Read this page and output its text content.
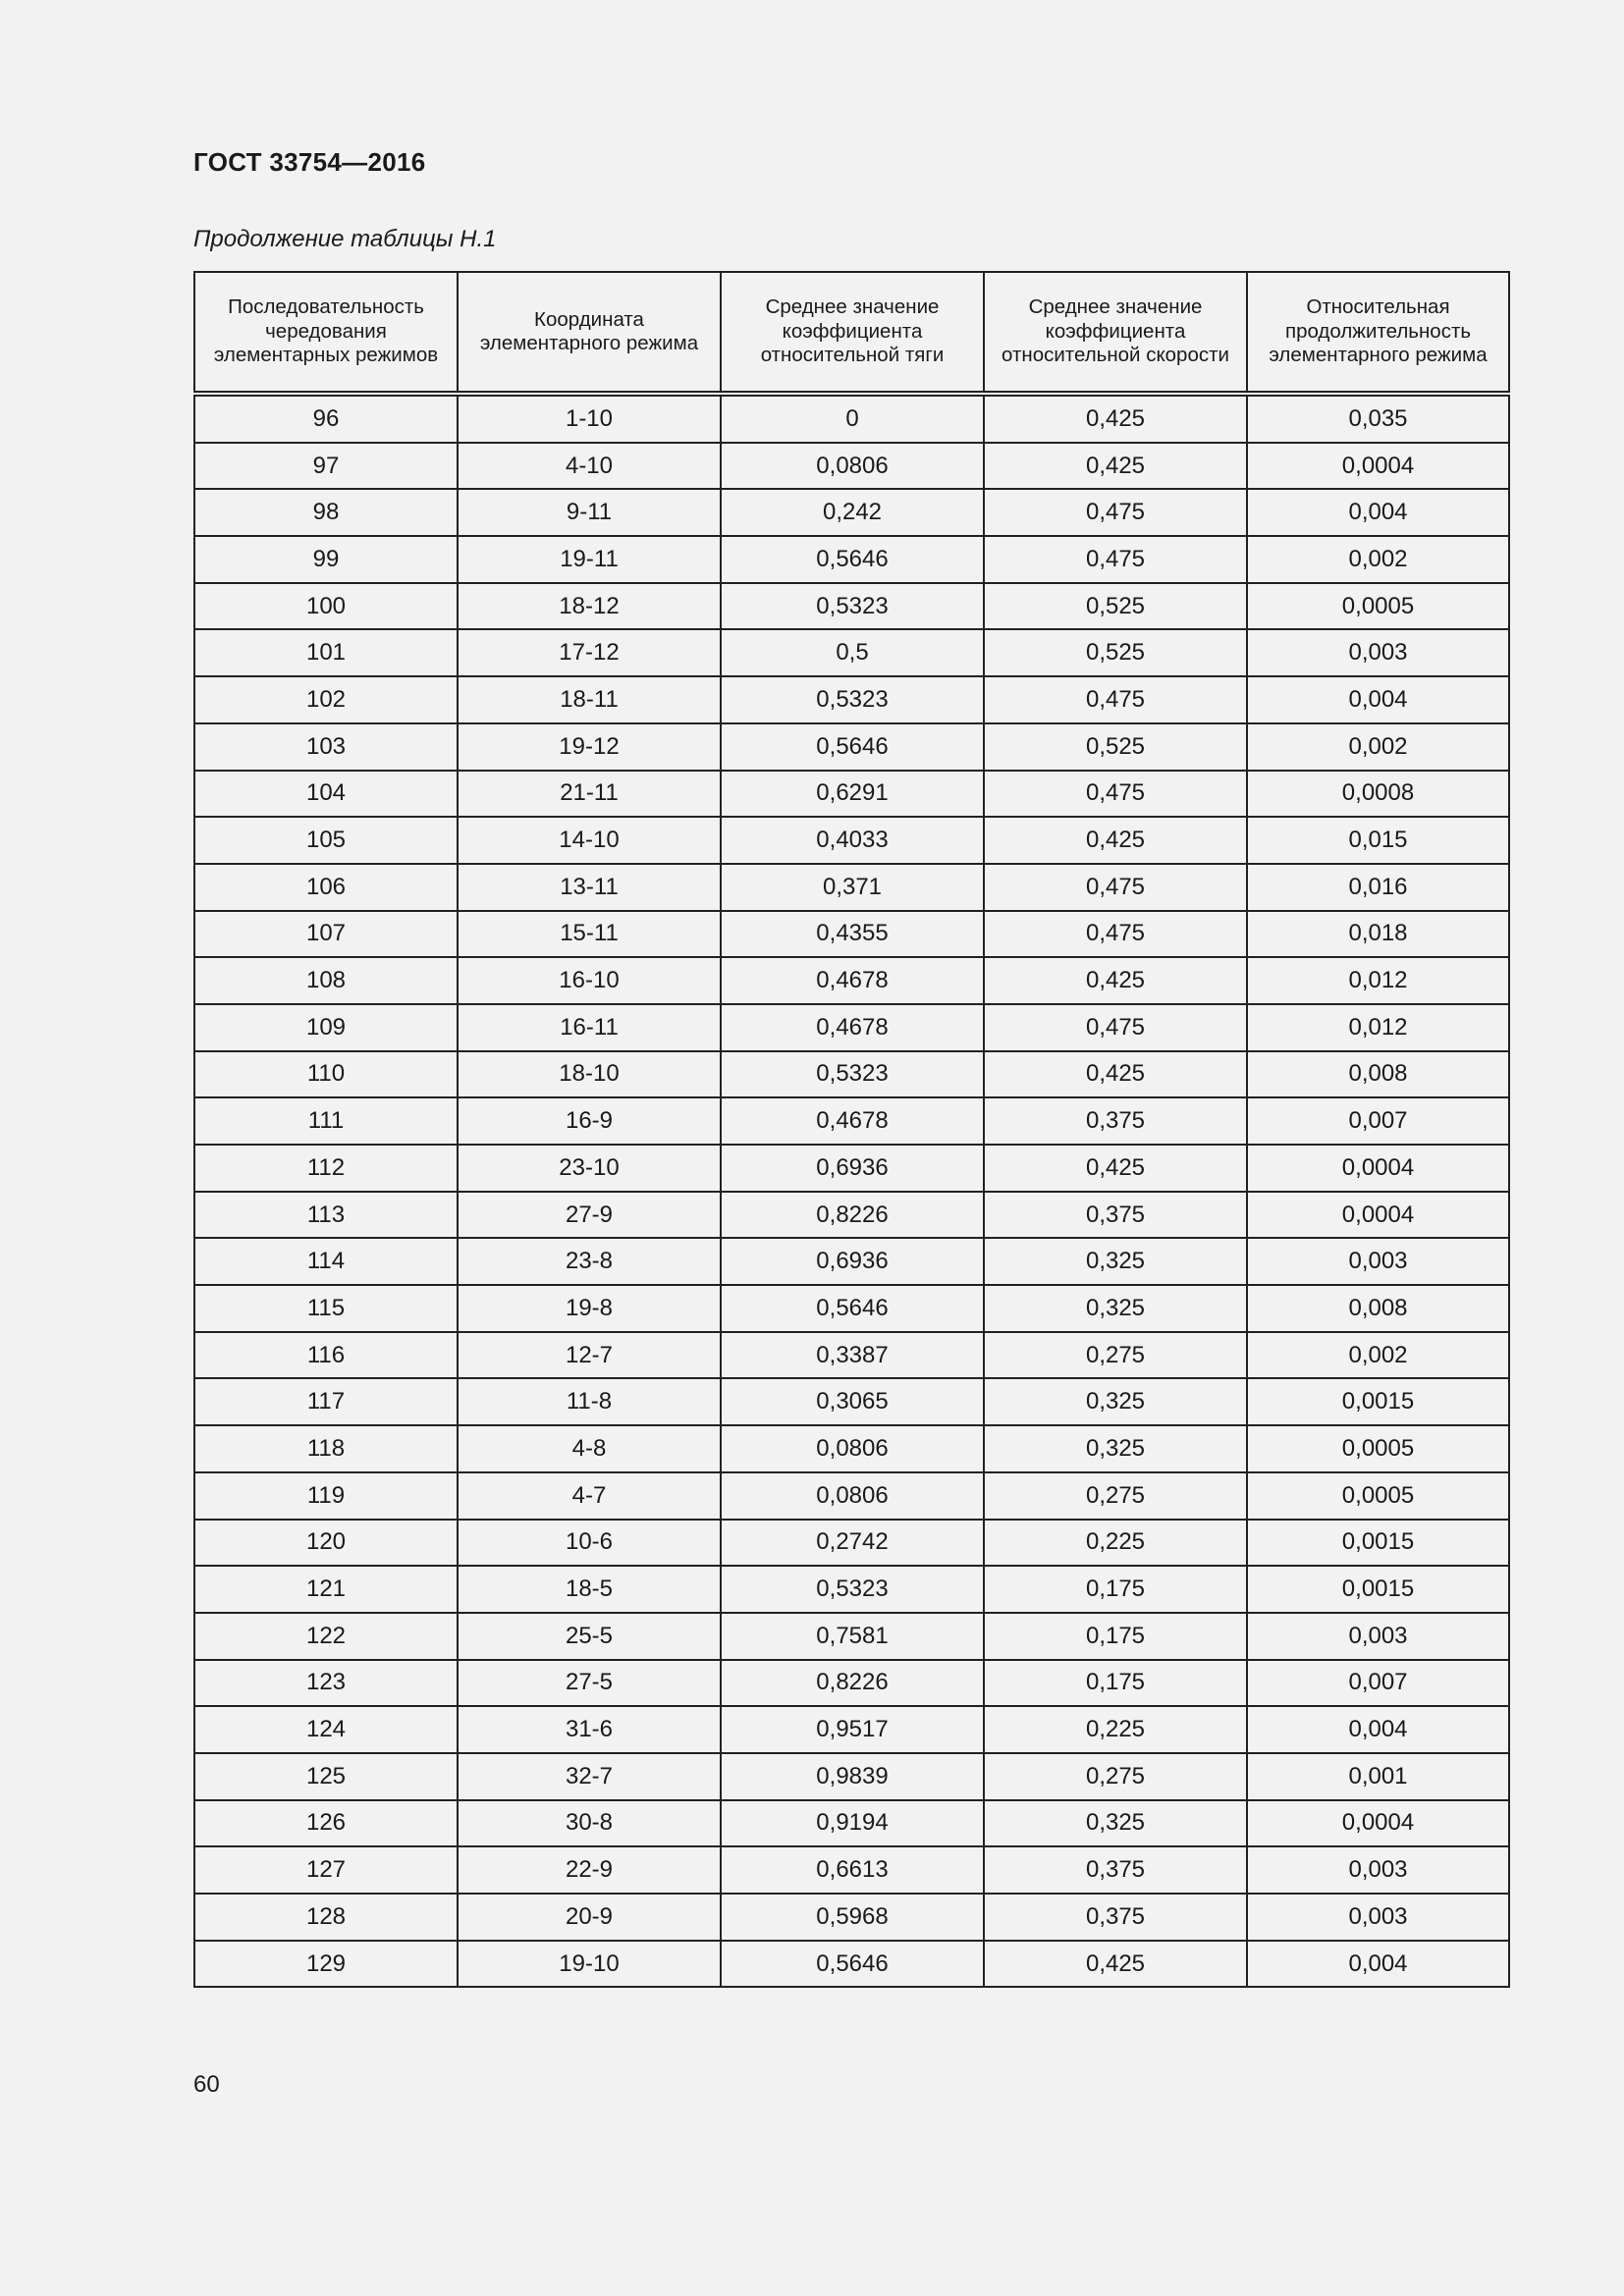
ГОСТ 33754—2016
Продолжение таблицы Н.1
Последовательность чередования элементарных режимов	Координата элементарного режима	Среднее значение коэффициента относительной тяги	Среднее значение коэффициента относительной скорости	Относительная продолжительность элементарного режима
96	1-10	0	0,425	0,035
97	4-10	0,0806	0,425	0,0004
98	9-11	0,242	0,475	0,004
99	19-11	0,5646	0,475	0,002
100	18-12	0,5323	0,525	0,0005
101	17-12	0,5	0,525	0,003
102	18-11	0,5323	0,475	0,004
103	19-12	0,5646	0,525	0,002
104	21-11	0,6291	0,475	0,0008
105	14-10	0,4033	0,425	0,015
106	13-11	0,371	0,475	0,016
107	15-11	0,4355	0,475	0,018
108	16-10	0,4678	0,425	0,012
109	16-11	0,4678	0,475	0,012
110	18-10	0,5323	0,425	0,008
111	16-9	0,4678	0,375	0,007
112	23-10	0,6936	0,425	0,0004
113	27-9	0,8226	0,375	0,0004
114	23-8	0,6936	0,325	0,003
115	19-8	0,5646	0,325	0,008
116	12-7	0,3387	0,275	0,002
117	11-8	0,3065	0,325	0,0015
118	4-8	0,0806	0,325	0,0005
119	4-7	0,0806	0,275	0,0005
120	10-6	0,2742	0,225	0,0015
121	18-5	0,5323	0,175	0,0015
122	25-5	0,7581	0,175	0,003
123	27-5	0,8226	0,175	0,007
124	31-6	0,9517	0,225	0,004
125	32-7	0,9839	0,275	0,001
126	30-8	0,9194	0,325	0,0004
127	22-9	0,6613	0,375	0,003
128	20-9	0,5968	0,375	0,003
129	19-10	0,5646	0,425	0,004
60
